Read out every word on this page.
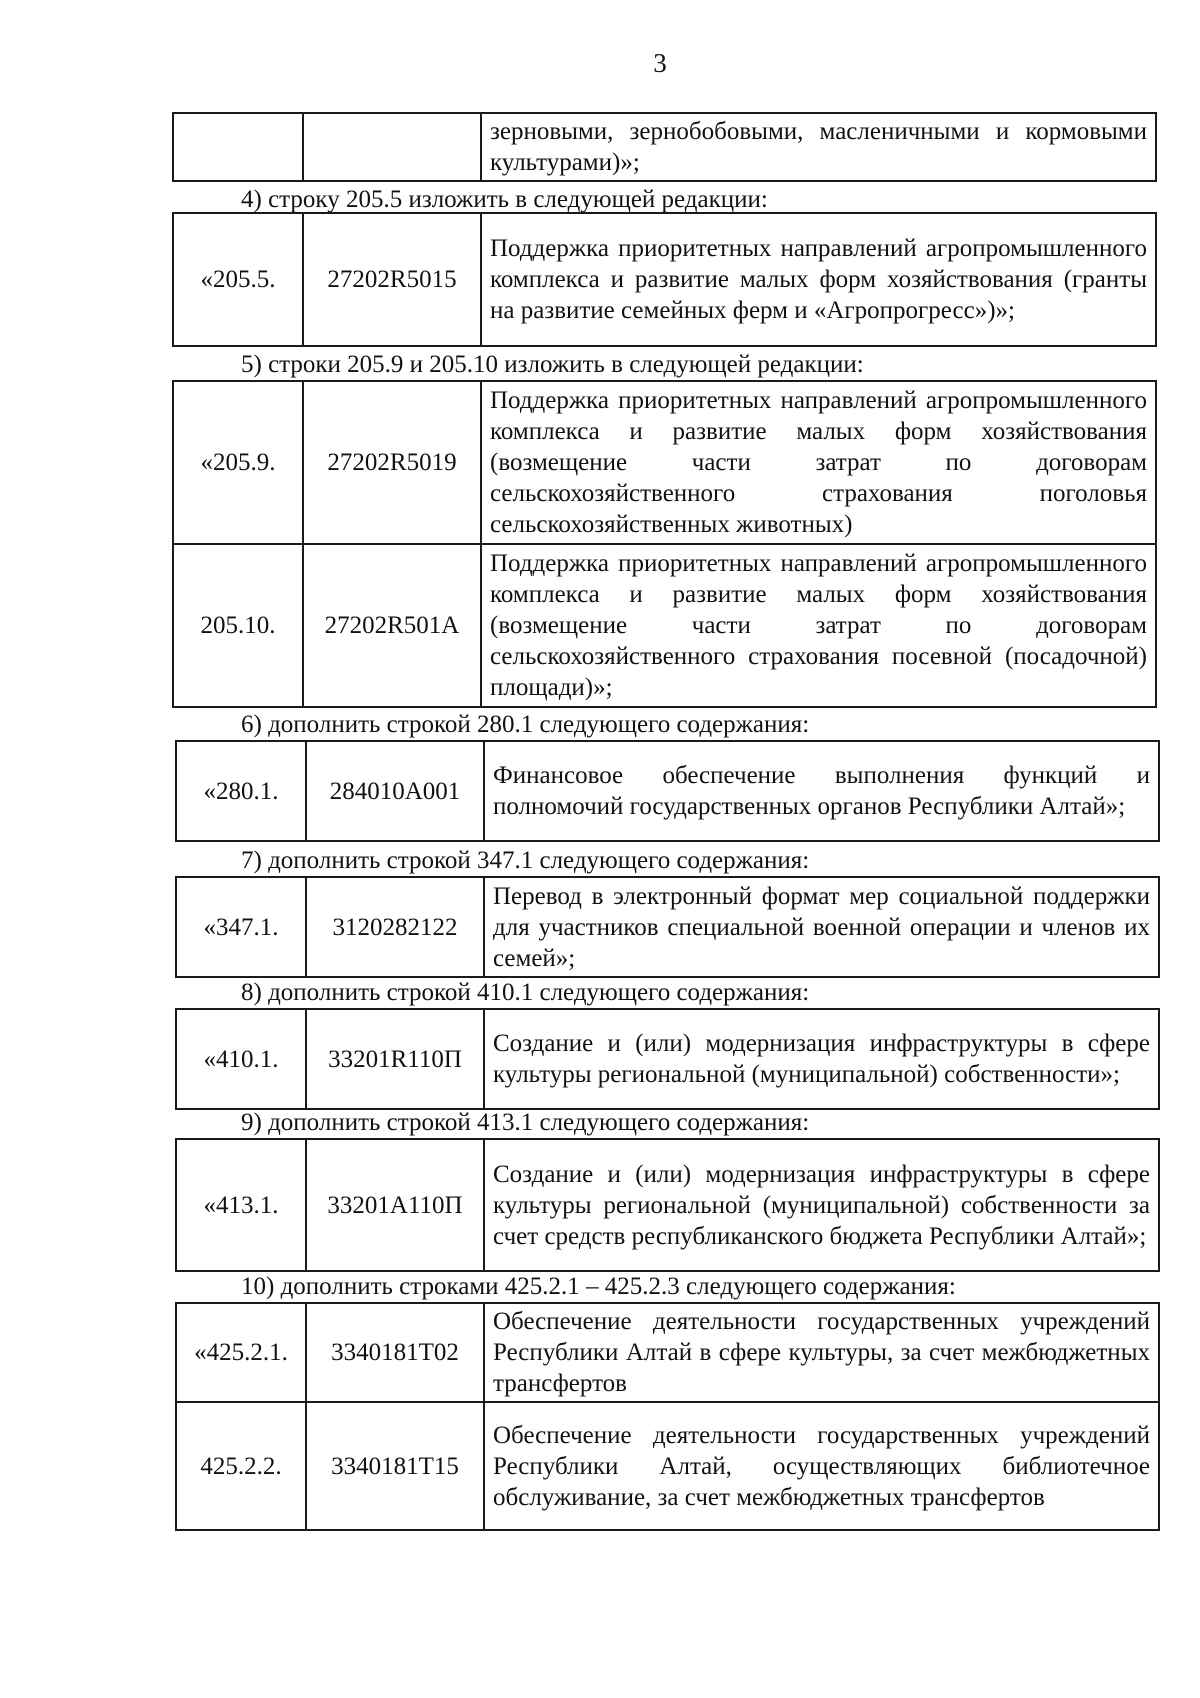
3
		зерновыми, зернобобовыми, масленичными и кормовыми культурами)»;
4) строку 205.5 изложить в следующей редакции:
«205.5.	27202R5015	Поддержка приоритетных направлений агропромышленного комплекса и развитие малых форм хозяйствования (гранты на развитие семейных ферм и «Агропрогресс»)»;
5) строки 205.9 и 205.10 изложить в следующей редакции:
«205.9.	27202R5019	Поддержка приоритетных направлений агропромышленного комплекса и развитие малых форм хозяйствования (возмещение части затрат по договорам сельскохозяйственного страхования поголовья сельскохозяйственных животных)
205.10.	27202R501A	Поддержка приоритетных направлений агропромышленного комплекса и развитие малых форм хозяйствования (возмещение части затрат по договорам сельскохозяйственного страхования посевной (посадочной) площади)»;
6) дополнить строкой 280.1 следующего содержания:
«280.1.	284010A001	Финансовое обеспечение выполнения функций и полномочий государственных органов Республики Алтай»;
7) дополнить строкой 347.1 следующего содержания:
«347.1.	3120282122	Перевод в электронный формат мер социальной поддержки для участников специальной военной операции и членов их семей»;
8) дополнить строкой 410.1 следующего содержания:
«410.1.	33201R110П	Создание и (или) модернизация инфраструктуры в сфере культуры региональной (муниципальной) собственности»;
9) дополнить строкой 413.1 следующего содержания:
«413.1.	33201А110П	Создание и (или) модернизация инфраструктуры в сфере культуры региональной (муниципальной) собственности за счет средств республиканского бюджета Республики Алтай»;
10) дополнить строками 425.2.1 – 425.2.3 следующего содержания:
«425.2.1.	3340181Т02	Обеспечение деятельности государственных учреждений Республики Алтай в сфере культуры, за счет межбюджетных трансфертов
425.2.2.	3340181Т15	Обеспечение деятельности государственных учреждений Республики Алтай, осуществляющих библиотечное обслуживание, за счет межбюджетных трансфертов
